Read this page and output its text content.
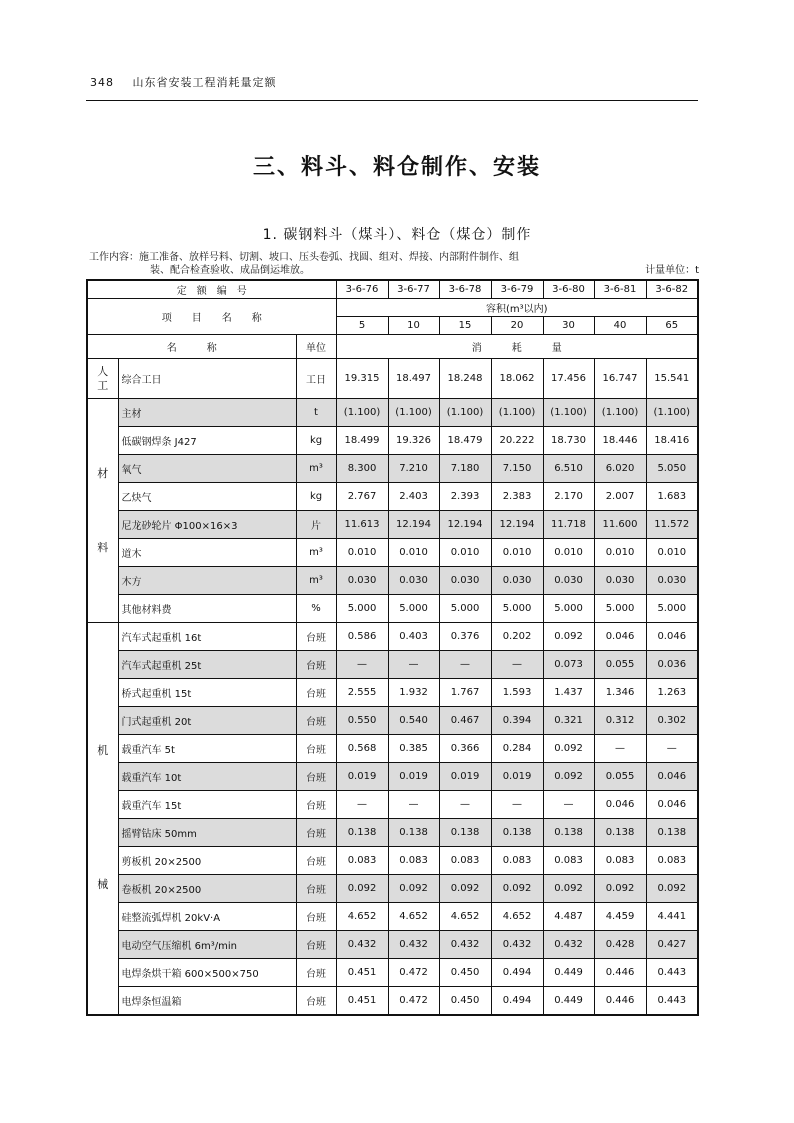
348 山东省安装工程消耗量定额
三、料斗、料仓制作、安装
1. 碳钢料斗（煤斗）、料仓（煤仓）制作
工作内容：施工准备、放样号料、切割、坡口、压头卷弧、找圆、组对、焊接、内部附件制作、组
装、配合检查验收、成品倒运堆放。	计量单位：t
定　额　编　号			3-6-76	3-6-77	3-6-78	3-6-79	3-6-80	3-6-81	3-6-82
项　　目　　名　　称			容积(m³以内)						
			5	10	15	20	30	40	65
名　　　称		单位	消　　　耗　　　量						
人工	综合工日	工日	19.315	18.497	18.248	18.062	17.456	16.747	15.541

材
料	主材	t	(1.100)	(1.100)	(1.100)	(1.100)	(1.100)	(1.100)	(1.100)
	低碳钢焊条 J427	kg	18.499	19.326	18.479	20.222	18.730	18.446	18.416
	氧气	m³	8.300	7.210	7.180	7.150	6.510	6.020	5.050
	乙炔气	kg	2.767	2.403	2.393	2.383	2.170	2.007	1.683
	尼龙砂轮片 Φ100×16×3	片	11.613	12.194	12.194	12.194	11.718	11.600	11.572
	道木	m³	0.010	0.010	0.010	0.010	0.010	0.010	0.010
	木方	m³	0.030	0.030	0.030	0.030	0.030	0.030	0.030
	其他材料费	%	5.000	5.000	5.000	5.000	5.000	5.000	5.000

机
械	汽车式起重机 16t	台班	0.586	0.403	0.376	0.202	0.092	0.046	0.046
	汽车式起重机 25t	台班	—	—	—	—	0.073	0.055	0.036
	桥式起重机 15t	台班	2.555	1.932	1.767	1.593	1.437	1.346	1.263
	门式起重机 20t	台班	0.550	0.540	0.467	0.394	0.321	0.312	0.302
	载重汽车 5t	台班	0.568	0.385	0.366	0.284	0.092	—	—
	载重汽车 10t	台班	0.019	0.019	0.019	0.019	0.092	0.055	0.046
	载重汽车 15t	台班	—	—	—	—	—	0.046	0.046
	摇臂钻床 50mm	台班	0.138	0.138	0.138	0.138	0.138	0.138	0.138
	剪板机 20×2500	台班	0.083	0.083	0.083	0.083	0.083	0.083	0.083
	卷板机 20×2500	台班	0.092	0.092	0.092	0.092	0.092	0.092	0.092
	硅整流弧焊机 20kV·A	台班	4.652	4.652	4.652	4.652	4.487	4.459	4.441
	电动空气压缩机 6m³/min	台班	0.432	0.432	0.432	0.432	0.432	0.428	0.427
	电焊条烘干箱 600×500×750	台班	0.451	0.472	0.450	0.494	0.449	0.446	0.443
	电焊条恒温箱	台班	0.451	0.472	0.450	0.494	0.449	0.446	0.443
